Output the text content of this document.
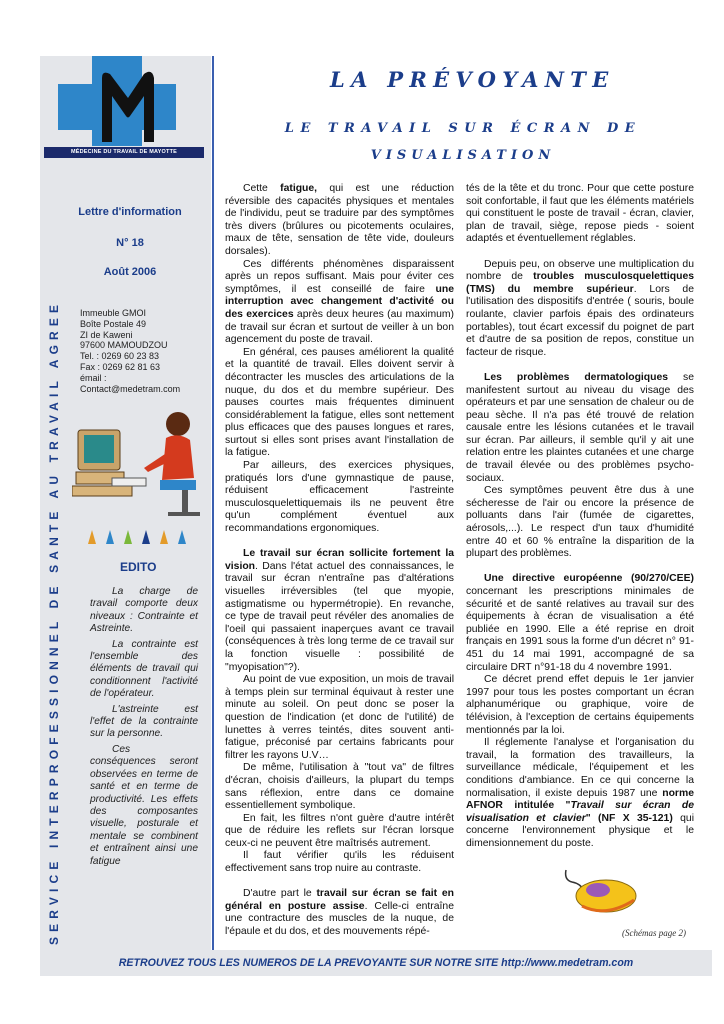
MÉDECINE DU TRAVAIL DE MAYOTTE
SERVICE INTERPROFESSIONNEL DE SANTE AU TRAVAIL AGREE
Lettre d'information
N° 18
Août 2006
Immeuble GMOI
Boîte Postale 49
ZI de Kaweni
97600 MAMOUDZOU
Tel. : 0269 60 23 83
Fax : 0269 62 81 63
émail :
Contact@medetram.com
EDITO

La charge de travail comporte deux niveaux : Contrainte et Astreinte.

La contrainte est l'ensemble des éléments de travail qui conditionnent l'activité de l'opérateur.

L'astreinte est l'effet de la contrainte sur la personne.

Ces conséquences seront observées en terme de santé et en terme de productivité. Les effets des composantes visuelle, posturale et mentale se combinent et entraînent ainsi une fatigue

LA PRÉVOYANTE
LE TRAVAIL SUR ÉCRAN DE
VISUALISATION

Cette fatigue, qui est une réduction réversible des capacités physiques et mentales de l'individu, peut se traduire par des symptômes très divers (brûlures ou picotements oculaires, maux de tête, sensation de tête vide, douleurs dorsales).

Ces différents phénomènes disparaissent après un repos suffisant. Mais pour éviter ces symptômes, il est conseillé de faire une interruption avec changement d'activité ou des exercices après deux heures (au maximum) de travail sur écran et surtout de veiller à un bon agencement du poste de travail.

En général, ces pauses améliorent la qualité et la quantité de travail. Elles doivent servir à décontracter les muscles des articulations de la nuque, du dos et du membre supérieur. Des pauses courtes mais fréquentes diminuent considérablement la fatigue, elles sont nettement plus efficaces que des pauses longues et rares, surtout si elles sont prises avant l'installation de la fatigue.

Par ailleurs, des exercices physiques, pratiqués lors d'une gymnastique de pause, réduisent efficacement l'astreinte musculosquelettiquemais ils ne peuvent être qu'un complément éventuel aux recommandations ergonomiques.

Le travail sur écran sollicite fortement la vision. Dans l'état actuel des connaissances, le travail sur écran n'entraîne pas d'altérations visuelles irréversibles (tel que myopie, astigmatisme ou hypermétropie). En revanche, ce type de travail peut révéler des anomalies de l'oeil qui passaient inaperçues avant ce travail (conséquences à très long terme de ce travail sur la fonction visuelle : possibilité de "myopisation"?).

Au point de vue exposition, un mois de travail à temps plein sur terminal équivaut à rester une minute au soleil. On peut donc se poser la question de l'indication (et donc de l'utilité) de lunettes à verres teintés, dites souvent anti-fatigue, préconisé par certains fabricants pour filtrer les rayons U.V…

De même, l'utilisation à "tout va" de filtres d'écran, choisis d'ailleurs, la plupart du temps sans réflexion, entre dans ce domaine essentiellement symbolique.

En fait, les filtres n'ont guère d'autre intérêt que de réduire les reflets sur l'écran lorsque ceux-ci ne peuvent être maîtrisés autrement.

Il faut vérifier qu'ils les réduisent effectivement sans trop nuire au contraste.

D'autre part le travail sur écran se fait en général en posture assise. Celle-ci entraîne une contracture des muscles de la nuque, de l'épaule et du dos, et des mouvements répé-

tés de la tête et du tronc. Pour que cette posture soit confortable, il faut que les éléments matériels qui constituent le poste de travail - écran, clavier, plan de travail, siège, repose pieds - soient adaptés et éventuellement réglables.

Depuis peu, on observe une multiplication du nombre de troubles musculosquelettiques (TMS) du membre supérieur. Lors de l'utilisation des dispositifs d'entrée ( souris, boule roulante, clavier parfois épais des ordinateurs portables), tout écart excessif du poignet de part et d'autre de sa position de repos, constitue un facteur de risque.

Les problèmes dermatologiques se manifestent surtout au niveau du visage des opérateurs et par une sensation de chaleur ou de peau sèche. Il n'a pas été trouvé de relation causale entre les lésions cutanées et le travail sur écran. Par ailleurs, il semble qu'il y ait une relation entre les plaintes cutanées et une charge de travail élevée ou des problèmes psycho-sociaux.

Ces symptômes peuvent être dus à une sécheresse de l'air ou encore la présence de polluants dans l'air (fumée de cigarettes, aérosols,...). Le respect d'un taux d'humidité entre 40 et 60 % entraîne la disparition de la plupart des problèmes.

Une directive européenne (90/270/CEE) concernant les prescriptions minimales de sécurité et de santé relatives au travail sur des équipements à écran de visualisation a été publiée en 1990. Elle a été reprise en droit français en 1991 sous la forme d'un décret n° 91-451 du 14 mai 1991, accompagné de sa circulaire DRT n°91-18 du 4 novembre 1991.

Ce décret prend effet depuis le 1er janvier 1997 pour tous les postes comportant un écran alphanumérique ou graphique, voire de télévision, à l'exception de certains équipements mentionnés par la loi.

Il réglemente l'analyse et l'organisation du travail, la formation des travailleurs, la surveillance médicale, l'équipement et les conditions d'ambiance. En ce qui concerne la normalisation, il existe depuis 1987 une norme AFNOR intitulée "Travail sur écran de visualisation et clavier" (NF X 35-121) qui concerne l'environnement physique et le dimensionnement du poste.

(Schémas page 2)
RETROUVEZ TOUS LES NUMEROS DE LA PREVOYANTE SUR NOTRE SITE http://www.medetram.com
